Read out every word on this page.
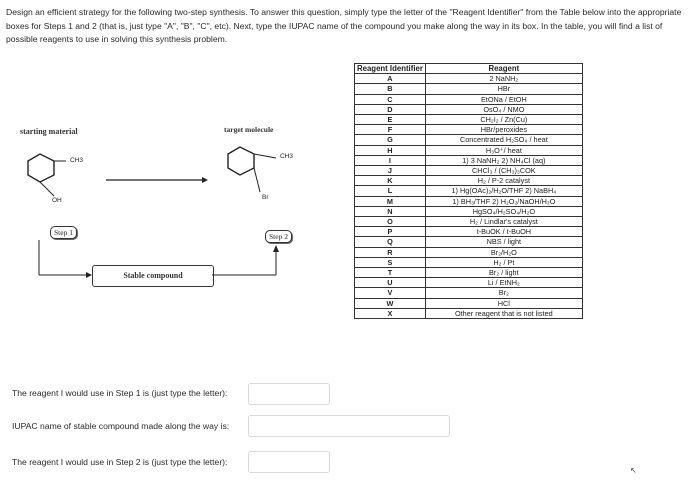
Design an efficient strategy for the following two-step synthesis. To answer this question, simply type the letter of the "Reagent Identifier" from the Table below into the appropriate boxes for Steps 1 and 2 (that is, just type "A", "B", "C", etc). Next, type the IUPAC name of the compound you make along the way in its box. In the table, you will find a list of possible reagents to use in solving this synthesis problem.
starting material	target molecule
CH3
OH
CH3
Br
Step 1	Step 2
Stable compound
Reagent Identifier	Reagent
A	2 NaNH₂
B	HBr
C	EtONa / EtOH
D	OsO₄ / NMO
E	CH₂I₂ / Zn(Cu)
F	HBr/peroxides
G	Concentrated H₂SO₄ / heat
H	H₃O⁺/ heat
I	1) 3 NaNH₂ 2) NH₄Cl (aq)
J	CHCl₃ / (CH₃)₃COK
K	H₂ / P-2 catalyst
L	1) Hg(OAc)₂/H₂O/THF 2) NaBH₄
M	1) BH₃/THF 2) H₂O₂/NaOH/H₂O
N	HgSO₄/H₂SO₄/H₂O
O	H₂ / Lindlar's catalyst
P	t-BuOK / t-BuOH
Q	NBS / light
R	Br₂/H₂O
S	H₂ / Pt
T	Br₂ / light
U	Li / EtNH₂
V	Br₂
W	HCl
X	Other reagent that is not listed
The reagent I would use in Step 1 is (just type the letter):
IUPAC name of stable compound made along the way is:
The reagent I would use in Step 2 is (just type the letter):
↖
